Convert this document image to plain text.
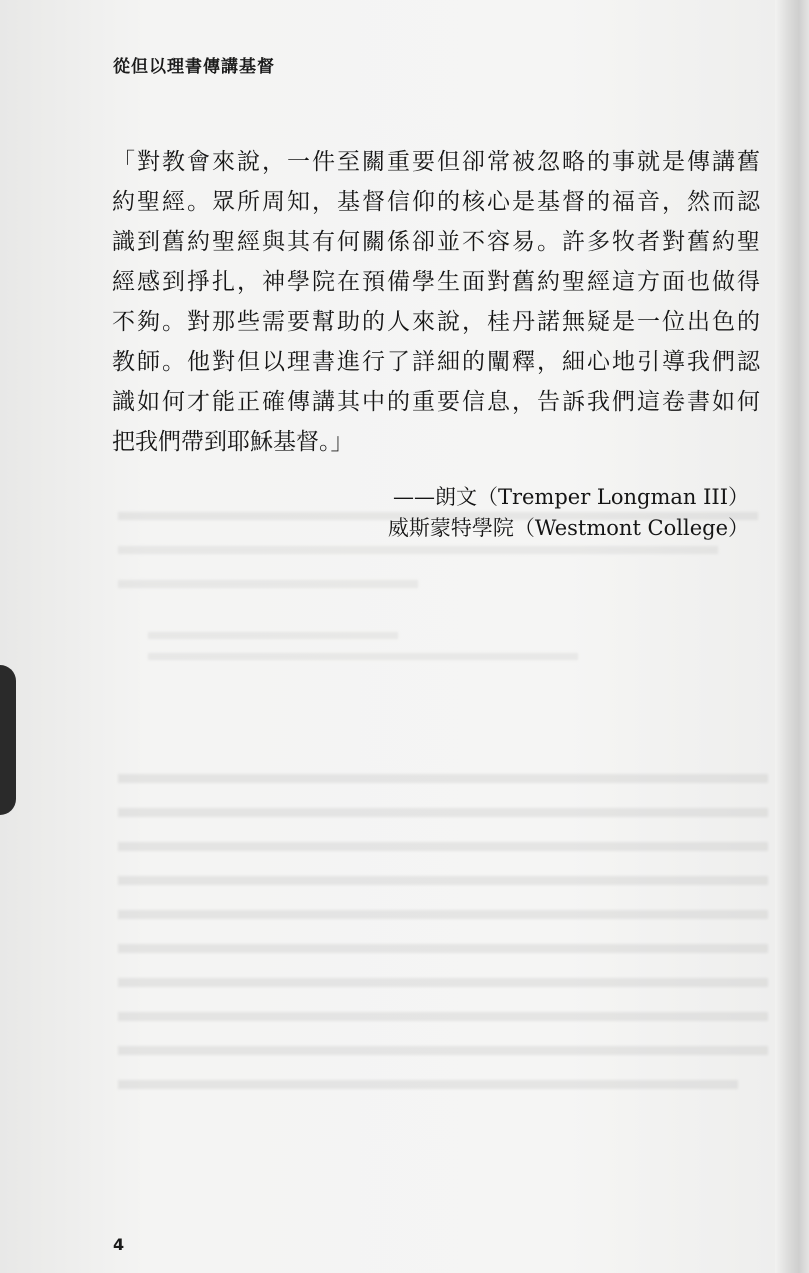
從但以理書傳講基督
「對教會來說，一件至關重要但卻常被忽略的事就是傳講舊
約聖經。眾所周知，基督信仰的核心是基督的福音，然而認
識到舊約聖經與其有何關係卻並不容易。許多牧者對舊約聖
經感到掙扎，神學院在預備學生面對舊約聖經這方面也做得
不夠。對那些需要幫助的人來說，桂丹諾無疑是一位出色的
教師。他對但以理書進行了詳細的闡釋，細心地引導我們認
識如何才能正確傳講其中的重要信息，告訴我們這卷書如何
把我們帶到耶穌基督。」
——朗文（Tremper Longman III）
威斯蒙特學院（Westmont College）
4
